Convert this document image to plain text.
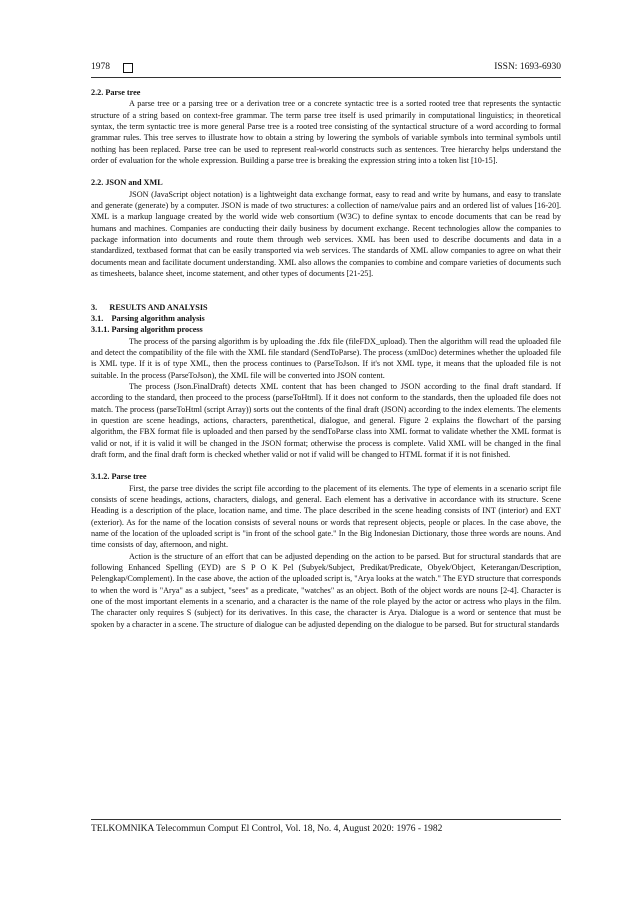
1978	ISSN: 1693-6930

2.2. Parse tree

A parse tree or a parsing tree or a derivation tree or a concrete syntactic tree is a sorted rooted tree that represents the syntactic structure of a string based on context-free grammar. The term parse tree itself is used primarily in computational linguistics; in theoretical syntax, the term syntactic tree is more general Parse tree is a rooted tree consisting of the syntactical structure of a word according to formal grammar rules. This tree serves to illustrate how to obtain a string by lowering the symbols of variable symbols into terminal symbols until nothing has been replaced. Parse tree can be used to represent real-world constructs such as sentences. Tree hierarchy helps understand the order of evaluation for the whole expression. Building a parse tree is breaking the expression string into a token list [10-15].

2.2. JSON and XML

JSON (JavaScript object notation) is a lightweight data exchange format, easy to read and write by humans, and easy to translate and generate (generate) by a computer. JSON is made of two structures: a collection of name/value pairs and an ordered list of values [16-20]. XML is a markup language created by the world wide web consortium (W3C) to define syntax to encode documents that can be read by humans and machines. Companies are conducting their daily business by document exchange. Recent technologies allow the companies to package information into documents and route them through web services. XML has been used to describe documents and data in a standardized, textbased format that can be easily transported via web services. The standards of XML allow companies to agree on what their documents mean and facilitate document understanding. XML also allows the companies to combine and compare varieties of documents such as timesheets, balance sheet, income statement, and other types of documents [21-25].

3.      RESULTS AND ANALYSIS

3.1.    Parsing algorithm analysis

3.1.1. Parsing algorithm process

The process of the parsing algorithm is by uploading the .fdx file (fileFDX_upload). Then the algorithm will read the uploaded file and detect the compatibility of the file with the XML file standard (SendToParse). The process (xmlDoc) determines whether the uploaded file is XML type. If it is of type XML, then the process continues to (ParseToJson. If it's not XML type, it means that the uploaded file is not suitable. In the process (ParseToJson), the XML file will be converted into JSON content.

The process (Json.FinalDraft) detects XML content that has been changed to JSON according to the final draft standard. If according to the standard, then proceed to the process (parseToHtml). If it does not conform to the standards, then the uploaded file does not match. The process (parseToHtml (script Array)) sorts out the contents of the final draft (JSON) according to the index elements. The elements in question are scene headings, actions, characters, parenthetical, dialogue, and general. Figure 2 explains the flowchart of the parsing algorithm, the FBX format file is uploaded and then parsed by the sendToParse class into XML format to validate whether the XML format is valid or not, if it is valid it will be changed in the JSON format; otherwise the process is complete. Valid XML will be changed in the final draft form, and the final draft form is checked whether valid or not if valid will be changed to HTML format if it is not finished.

3.1.2. Parse tree

First, the parse tree divides the script file according to the placement of its elements. The type of elements in a scenario script file consists of scene headings, actions, characters, dialogs, and general. Each element has a derivative in accordance with its structure. Scene Heading is a description of the place, location name, and time. The place described in the scene heading consists of INT (interior) and EXT (exterior). As for the name of the location consists of several nouns or words that represent objects, people or places. In the case above, the name of the location of the uploaded script is "in front of the school gate." In the Big Indonesian Dictionary, those three words are nouns. And time consists of day, afternoon, and night.

Action is the structure of an effort that can be adjusted depending on the action to be parsed. But for structural standards that are following Enhanced Spelling (EYD) are S P O K Pel (Subyek/Subject, Predikat/Predicate, Obyek/Object, Keterangan/Description, Pelengkap/Complement). In the case above, the action of the uploaded script is, "Arya looks at the watch." The EYD structure that corresponds to when the word is "Arya" as a subject, "sees" as a predicate, "watches" as an object. Both of the object words are nouns [2-4]. Character is one of the most important elements in a scenario, and a character is the name of the role played by the actor or actress who plays in the film. The character only requires S (subject) for its derivatives. In this case, the character is Arya. Dialogue is a word or sentence that must be spoken by a character in a scene. The structure of dialogue can be adjusted depending on the dialogue to be parsed. But for structural standards

TELKOMNIKA Telecommun Comput El Control, Vol. 18, No. 4, August 2020: 1976 - 1982
